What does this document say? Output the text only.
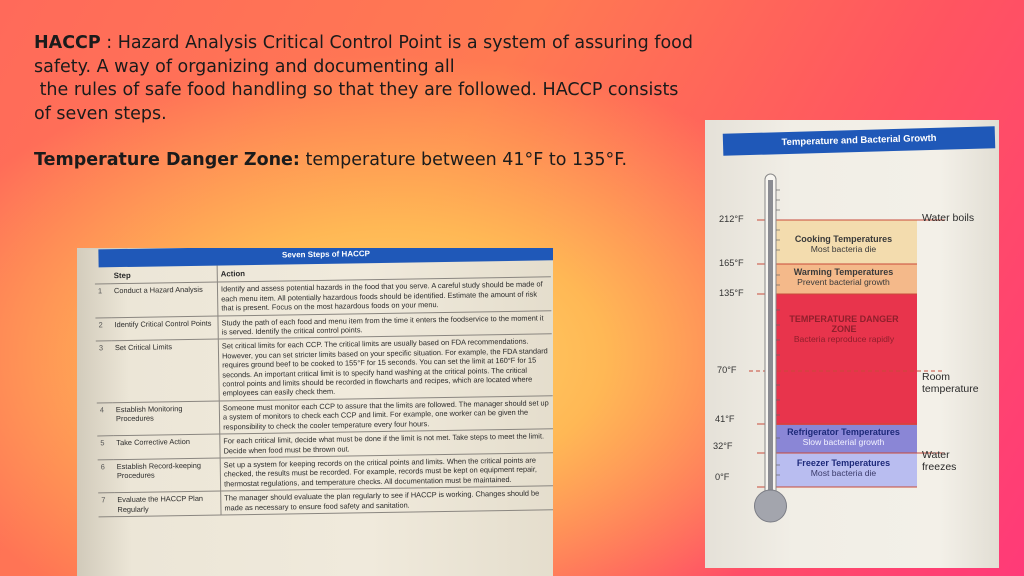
HACCP : Hazard Analysis Critical Control Point is a system of assuring food safety. A way of organizing and documenting all

the rules of safe food handling so that they are followed. HACCP consists

of seven steps.

Temperature Danger Zone: temperature between 41°F to 135°F.
Seven Steps of HACCP
	Step	Action
1	Conduct a Hazard Analysis	Identify and assess potential hazards in the food that you serve. A careful study should be made of each menu item. All potentially hazardous foods should be identified. Estimate the amount of risk that is present. Focus on the most hazardous foods on your menu.
2	Identify Critical Control Points	Study the path of each food and menu item from the time it enters the foodservice to the moment it is served. Identify the critical control points.
3	Set Critical Limits	Set critical limits for each CCP. The critical limits are usually based on FDA recommendations. However, you can set stricter limits based on your specific situation. For example, the FDA standard requires ground beef to be cooked to 155°F for 15 seconds. You can set the limit at 160°F for 15 seconds. An important critical limit is to specify hand washing at the critical points. The critical control points and limits should be recorded in flowcharts and recipes, which are located where employees can easily check them.
4	Establish Monitoring Procedures	Someone must monitor each CCP to assure that the limits are followed. The manager should set up a system of monitors to check each CCP and limit. For example, one worker can be given the responsibility to check the cooler temperature every four hours.
5	Take Corrective Action	For each critical limit, decide what must be done if the limit is not met. Take steps to meet the limit. Decide when food must be thrown out.
6	Establish Record-keeping Procedures	Set up a system for keeping records on the critical points and limits. When the critical points are checked, the results must be recorded. For example, records must be kept on equipment repair, thermostat regulations, and temperature checks. All documentation must be maintained.
7	Evaluate the HACCP Plan Regularly	The manager should evaluate the plan regularly to see if HACCP is working. Changes should be made as necessary to ensure food safety and sanitation.
Temperature and Bacterial Growth
212°F
165°F
135°F
70°F
41°F
32°F
0°F
Cooking Temperatures
Most bacteria die
Warming Temperatures
Prevent bacterial growth
TEMPERATURE DANGER ZONE
Bacteria reproduce rapidly
Refrigerator Temperatures
Slow bacterial growth
Freezer Temperatures
Most bacteria die
Water boils
Room temperature
Water freezes
